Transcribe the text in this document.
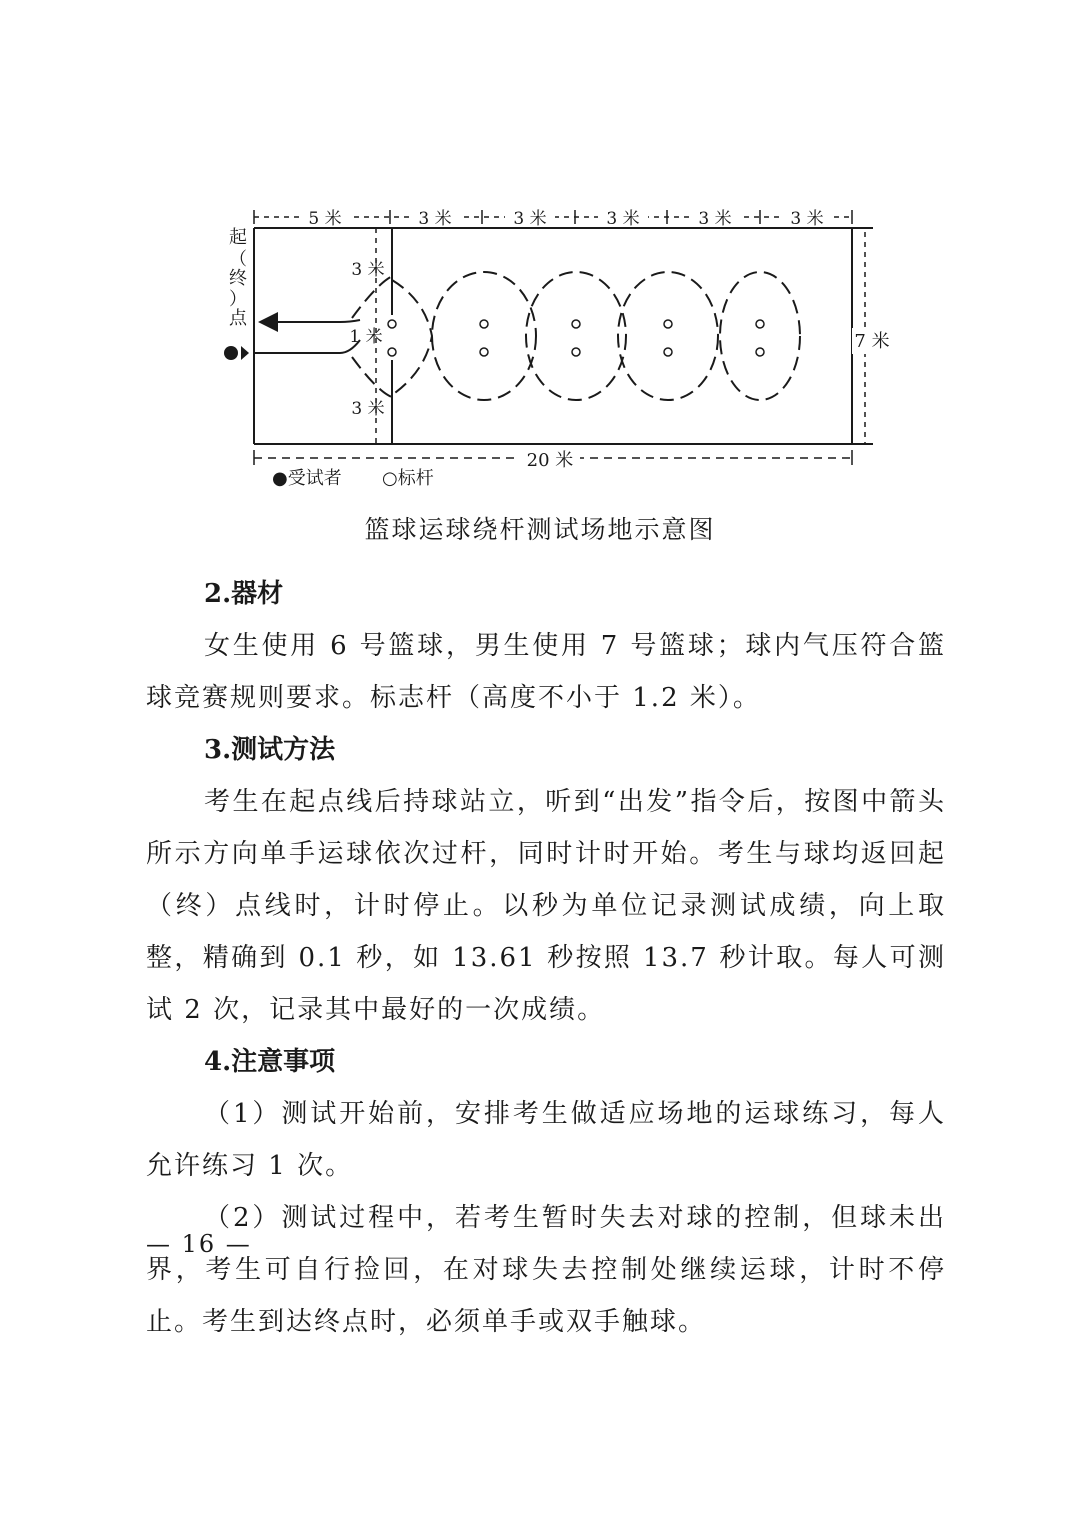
5 米	3 米	3 米	3 米	3 米	3 米
7 米
20 米
3 米
1 米
3 米
起
（
终
）
点
●受试者 ○标杆
篮球运球绕杆测试场地示意图
2.器材

女生使用 6 号篮球，男生使用 7 号篮球；球内气压符合篮球竞赛规则要求。标志杆（高度不小于 1.2 米）。

3.测试方法

考生在起点线后持球站立，听到“出发”指令后，按图中箭头所示方向单手运球依次过杆，同时计时开始。考生与球均返回起（终）点线时，计时停止。以秒为单位记录测试成绩，向上取整，精确到 0.1 秒，如 13.61 秒按照 13.7 秒计取。每人可测试 2 次，记录其中最好的一次成绩。

4.注意事项

（1）测试开始前，安排考生做适应场地的运球练习，每人允许练习 1 次。

（2）测试过程中，若考生暂时失去对球的控制，但球未出界，考生可自行捡回，在对球失去控制处继续运球，计时不停止。考生到达终点时，必须单手或双手触球。

— 16 —
